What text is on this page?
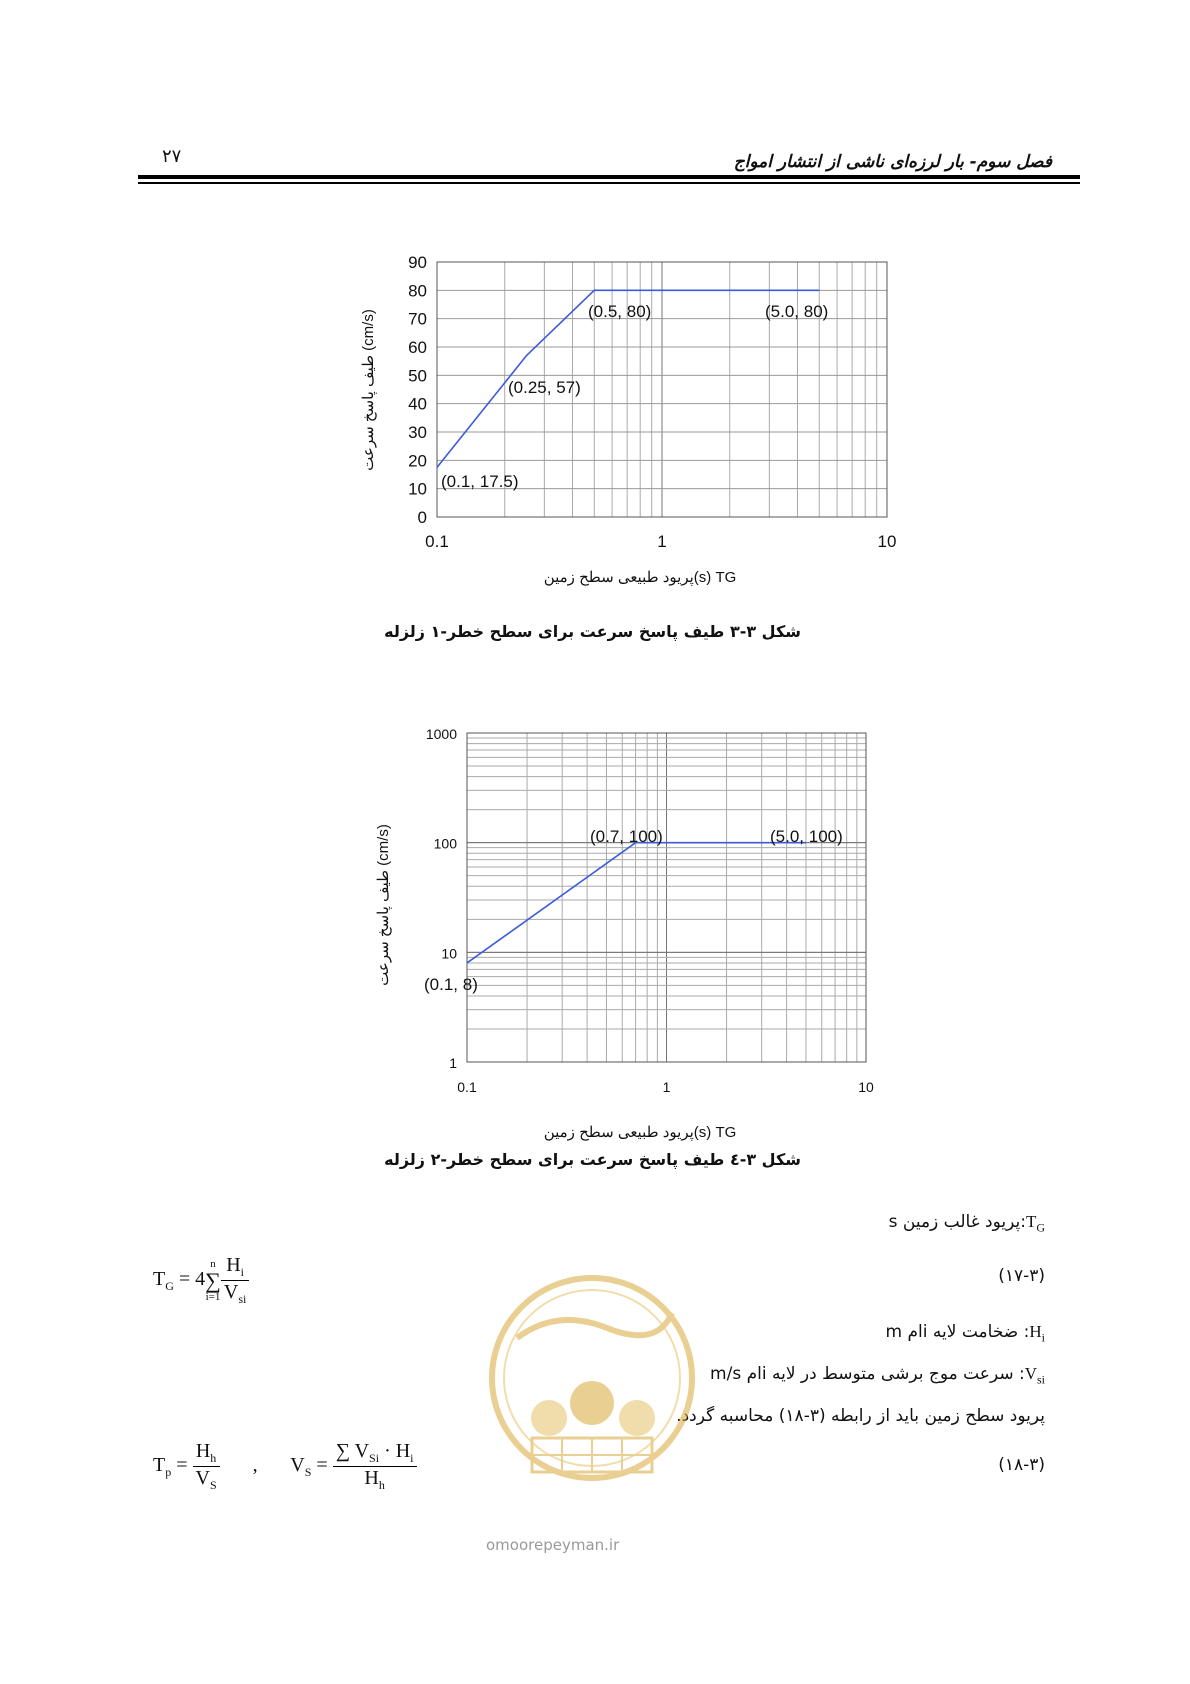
فصل سوم- بار لرزه‌ای ناشی از انتشار امواج
۲۷
0
10
20
30
40
50
60
70
80
90
0.1	1	10
(0.1, 17.5)
(0.25, 57)
(0.5, 80)	(5.0, 80)
طیف پاسخ سرعت (cm/s)
پریود طبیعی سطح زمین(s) TG
1
10
100
1000
0.1	1	10
(0.1, 8)
(0.7, 100)	(5.0, 100)
طیف پاسخ سرعت (cm/s)
پریود طبیعی سطح زمین(s) TG
شکل ۳-۳ طیف پاسخ سرعت برای سطح خطر-۱ زلزله
شکل ۳-٤ طیف پاسخ سرعت برای سطح خطر-۲ زلزله
$T_G:پریود$ غالب زمین s
$T_G = 4n$
∑
$i=1 \frac{H_i}{V_{si}}$	(۱۷-۳)
$H_i$: ضخامت لایه iام m
$V_{si}$: سرعت موج برشی متوسط در لایه iام m/s
پریود سطح زمین باید از رابطه (۳-۱۸) محاسبه گردد.
$T_p = \frac{H_h}{V_S}$ , $V_S = \frac{\sum V_{Si} \cdot H_i}{H_h}$	(۱۸-۳)
omoorepeyman.ir
